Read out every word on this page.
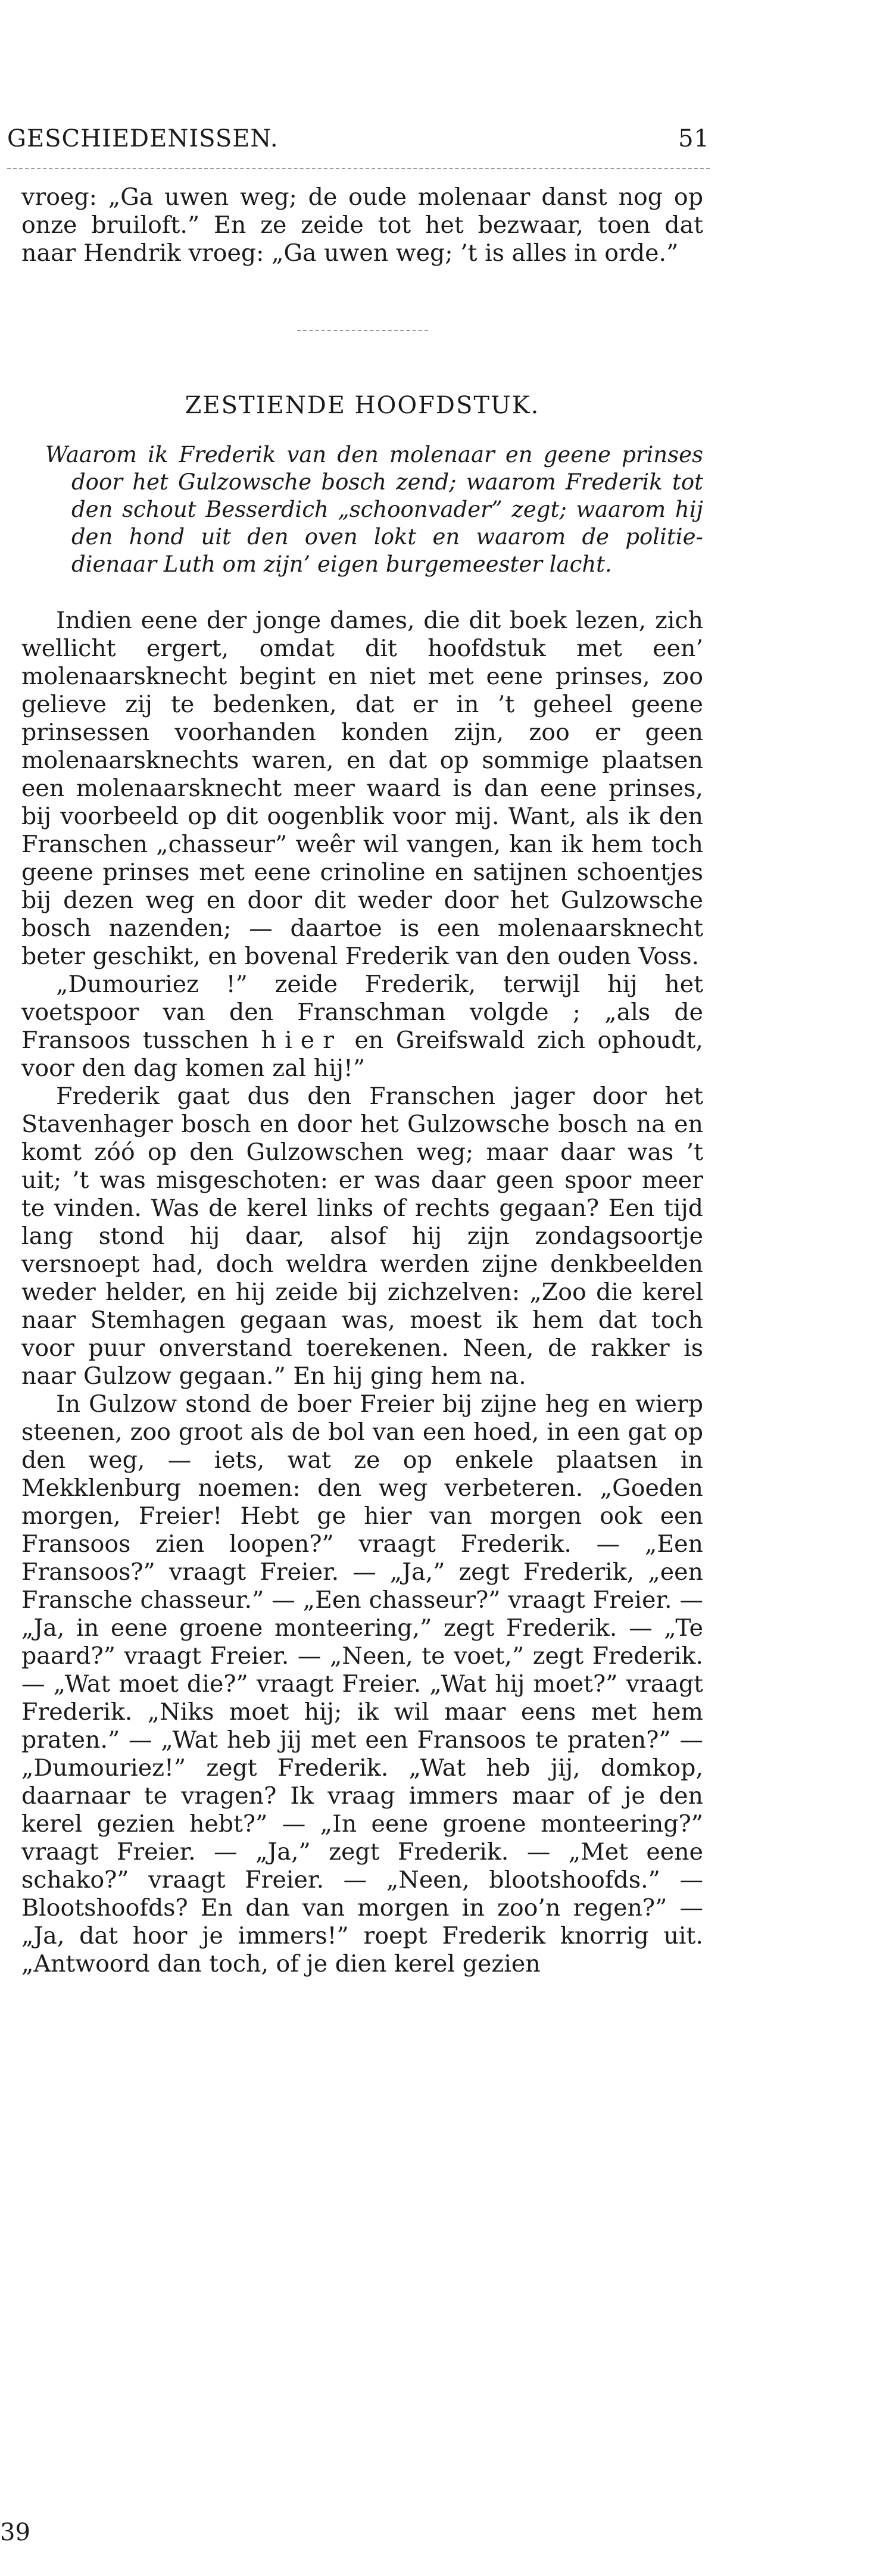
GESCHIEDENISSEN.	51

vroeg: „Ga uwen weg; de oude molenaar danst nog op onze bruiloft.” En ze zeide tot het bezwaar, toen dat naar Hendrik vroeg: „Ga uwen weg; ’t is alles in orde.”

ZESTIENDE HOOFDSTUK.
Waarom ik Frederik van den molenaar en geene prinses door het Gulzowsche bosch zend; waarom Frederik tot den schout Besserdich „schoonvader” zegt; waarom hij den hond uit den oven lokt en waarom de politie-dienaar Luth om zijn’ eigen burgemeester lacht.

Indien eene der jonge dames, die dit boek lezen, zich wellicht ergert, omdat dit hoofdstuk met een’ molenaarsknecht begint en niet met eene prinses, zoo gelieve zij te bedenken, dat er in ’t geheel geene prinsessen voorhanden konden zijn, zoo er geen molenaarsknechts waren, en dat op sommige plaatsen een molenaarsknecht meer waard is dan eene prinses, bij voorbeeld op dit oogenblik voor mij. Want, als ik den Franschen „chasseur” weêr wil vangen, kan ik hem toch geene prinses met eene crinoline en satijnen schoentjes bij dezen weg en door dit weder door het Gulzowsche bosch nazenden; — daartoe is een molenaarsknecht beter geschikt, en bovenal Frederik van den ouden Voss.

„Dumouriez !” zeide Frederik, terwijl hij het voetspoor van den Franschman volgde ; „als de Fransoos tusschen hier en Greifswald zich ophoudt, voor den dag komen zal hij!”

Frederik gaat dus den Franschen jager door het Stavenhager bosch en door het Gulzowsche bosch na en komt zóó op den Gulzowschen weg; maar daar was ’t uit; ’t was misgeschoten: er was daar geen spoor meer te vinden. Was de kerel links of rechts gegaan? Een tijd lang stond hij daar, alsof hij zijn zondagsoortje versnoept had, doch weldra werden zijne denkbeelden weder helder, en hij zeide bij zichzelven: „Zoo die kerel naar Stemhagen gegaan was, moest ik hem dat toch voor puur onverstand toerekenen. Neen, de rakker is naar Gulzow gegaan.” En hij ging hem na.

In Gulzow stond de boer Freier bij zijne heg en wierp steenen, zoo groot als de bol van een hoed, in een gat op den weg, — iets, wat ze op enkele plaatsen in Mekklenburg noemen: den weg verbeteren. „Goeden morgen, Freier! Hebt ge hier van morgen ook een Fransoos zien loopen?” vraagt Frederik. — „Een Fransoos?” vraagt Freier. — „Ja,” zegt Frederik, „een Fransche chasseur.” — „Een chasseur?” vraagt Freier. — „Ja, in eene groene monteering,” zegt Frederik. — „Te paard?” vraagt Freier. — „Neen, te voet,” zegt Frederik. — „Wat moet die?” vraagt Freier. „Wat hij moet?” vraagt Frederik. „Niks moet hij; ik wil maar eens met hem praten.” — „Wat heb jij met een Fransoos te praten?” — „Dumouriez!” zegt Frederik. „Wat heb jij, domkop, daarnaar te vragen? Ik vraag immers maar of je den kerel gezien hebt?” — „In eene groene monteering?” vraagt Freier. — „Ja,” zegt Frederik. — „Met eene schako?” vraagt Freier. — „Neen, blootshoofds.” — Blootshoofds? En dan van morgen in zoo’n regen?” — „Ja, dat hoor je immers!” roept Frederik knorrig uit. „Antwoord dan toch, of je dien kerel gezien

39
